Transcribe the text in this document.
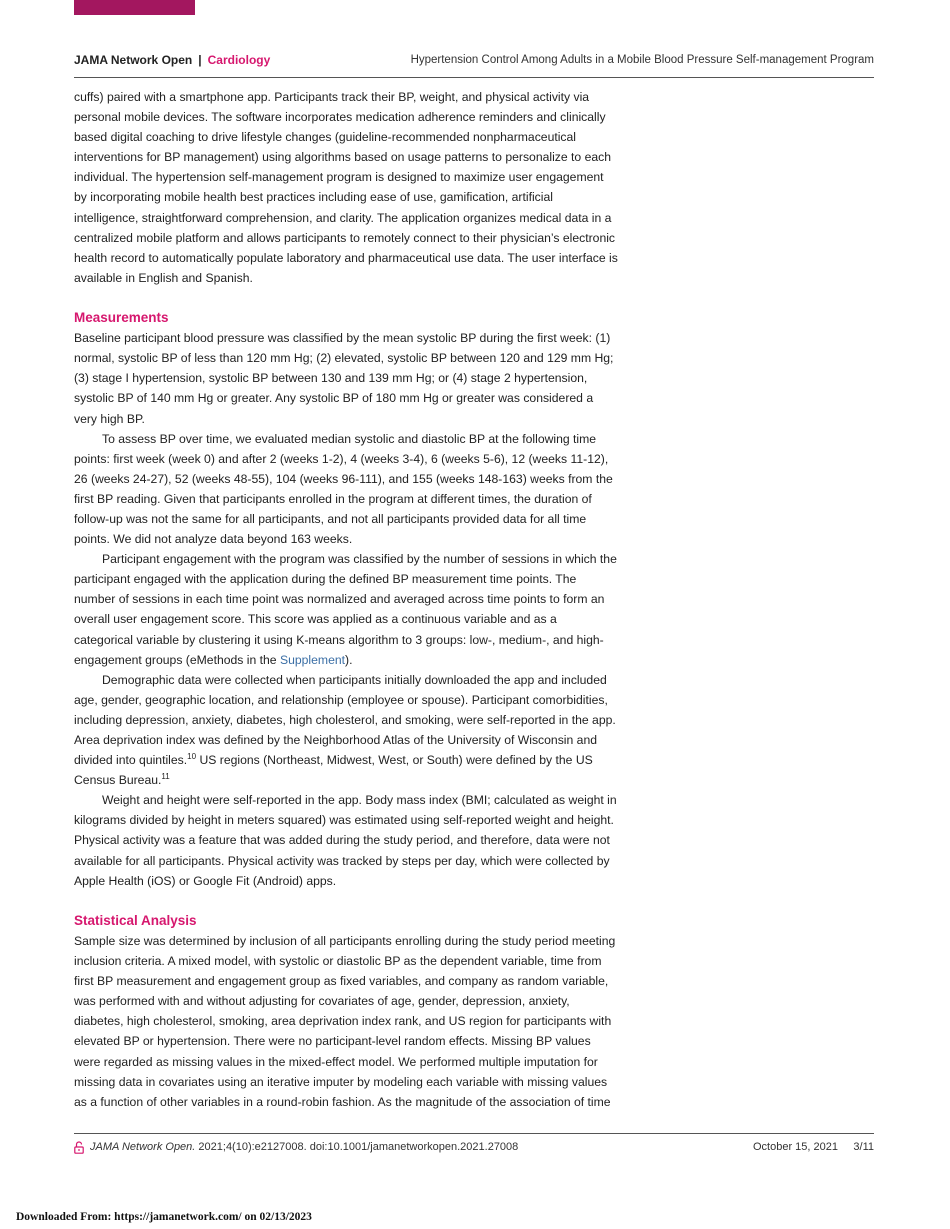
JAMA Network Open | Cardiology	Hypertension Control Among Adults in a Mobile Blood Pressure Self-management Program

cuffs) paired with a smartphone app. Participants track their BP, weight, and physical activity via personal mobile devices. The software incorporates medication adherence reminders and clinically based digital coaching to drive lifestyle changes (guideline-recommended nonpharmaceutical interventions for BP management) using algorithms based on usage patterns to personalize to each individual. The hypertension self-management program is designed to maximize user engagement by incorporating mobile health best practices including ease of use, gamification, artificial intelligence, straightforward comprehension, and clarity. The application organizes medical data in a centralized mobile platform and allows participants to remotely connect to their physician’s electronic health record to automatically populate laboratory and pharmaceutical use data. The user interface is available in English and Spanish.

Measurements

Baseline participant blood pressure was classified by the mean systolic BP during the first week: (1) normal, systolic BP of less than 120 mm Hg; (2) elevated, systolic BP between 120 and 129 mm Hg; (3) stage I hypertension, systolic BP between 130 and 139 mm Hg; or (4) stage 2 hypertension, systolic BP of 140 mm Hg or greater. Any systolic BP of 180 mm Hg or greater was considered a very high BP.

To assess BP over time, we evaluated median systolic and diastolic BP at the following time points: first week (week 0) and after 2 (weeks 1-2), 4 (weeks 3-4), 6 (weeks 5-6), 12 (weeks 11-12), 26 (weeks 24-27), 52 (weeks 48-55), 104 (weeks 96-111), and 155 (weeks 148-163) weeks from the first BP reading. Given that participants enrolled in the program at different times, the duration of follow-up was not the same for all participants, and not all participants provided data for all time points. We did not analyze data beyond 163 weeks.

Participant engagement with the program was classified by the number of sessions in which the participant engaged with the application during the defined BP measurement time points. The number of sessions in each time point was normalized and averaged across time points to form an overall user engagement score. This score was applied as a continuous variable and as a categorical variable by clustering it using K-means algorithm to 3 groups: low-, medium-, and high-engagement groups (eMethods in the Supplement).

Demographic data were collected when participants initially downloaded the app and included age, gender, geographic location, and relationship (employee or spouse). Participant comorbidities, including depression, anxiety, diabetes, high cholesterol, and smoking, were self-reported in the app. Area deprivation index was defined by the Neighborhood Atlas of the University of Wisconsin and divided into quintiles.$^{10}$ US regions (Northeast, Midwest, West, or South) were defined by the US Census Bureau.$^{11}$

Weight and height were self-reported in the app. Body mass index (BMI; calculated as weight in kilograms divided by height in meters squared) was estimated using self-reported weight and height. Physical activity was a feature that was added during the study period, and therefore, data were not available for all participants. Physical activity was tracked by steps per day, which were collected by Apple Health (iOS) or Google Fit (Android) apps.

Statistical Analysis

Sample size was determined by inclusion of all participants enrolling during the study period meeting inclusion criteria. A mixed model, with systolic or diastolic BP as the dependent variable, time from first BP measurement and engagement group as fixed variables, and company as random variable, was performed with and without adjusting for covariates of age, gender, depression, anxiety, diabetes, high cholesterol, smoking, area deprivation index rank, and US region for participants with elevated BP or hypertension. There were no participant-level random effects. Missing BP values were regarded as missing values in the mixed-effect model. We performed multiple imputation for missing data in covariates using an iterative imputer by modeling each variable with missing values as a function of other variables in a round-robin fashion. As the magnitude of the association of time

JAMA Network Open. 2021;4(10):e2127008. doi:10.1001/jamanetworkopen.2021.27008	October 15, 2021 3/11
Downloaded From: https://jamanetwork.com/ on 02/13/2023
